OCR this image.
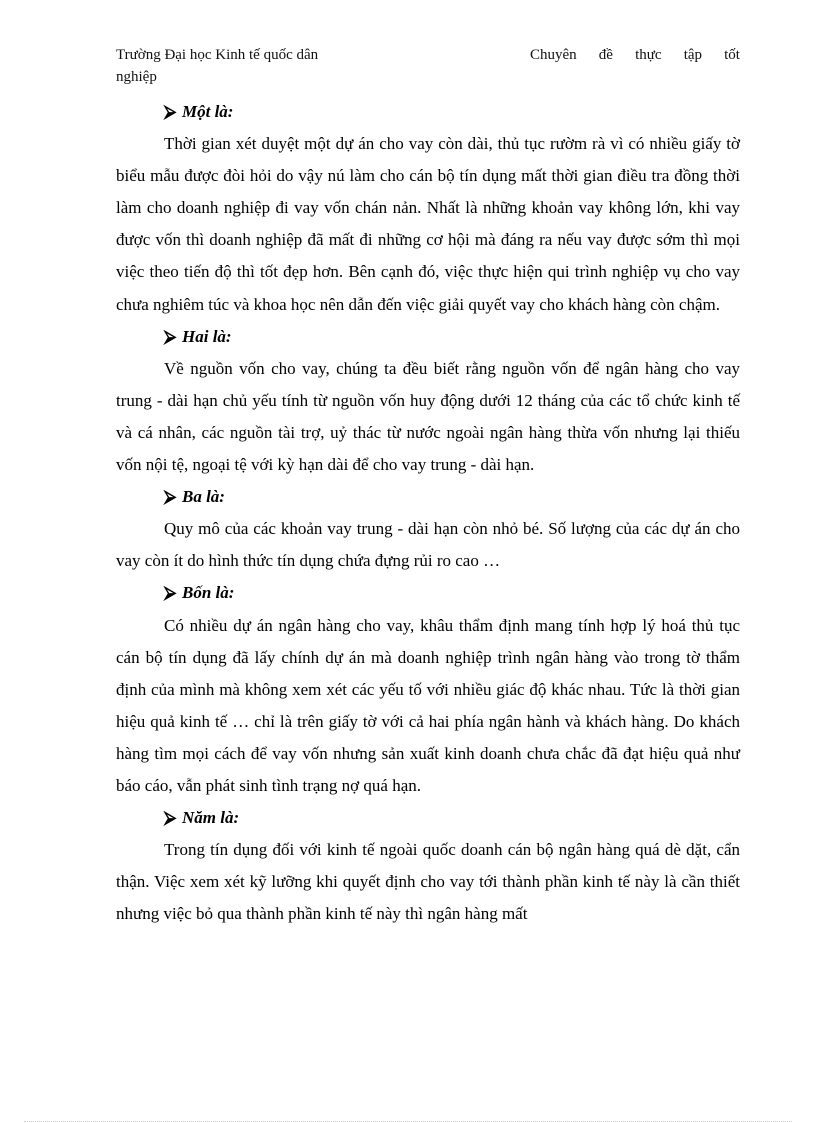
Trường Đại học Kinh tế quốc dân	Chuyên đề thực tập tốt
nghiệp

⮚ Một là:

Thời gian xét duyệt một dự án cho vay còn dài, thủ tục rườm rà vì có nhiều giấy tờ biểu mẫu được đòi hỏi do vậy nú làm cho cán bộ tín dụng mất thời gian điều tra đồng thời làm cho doanh nghiệp đi vay vốn chán nản. Nhất là những khoản vay không lớn, khi vay được vốn thì doanh nghiệp đã mất đi những cơ hội mà đáng ra nếu vay được sớm thì mọi việc theo tiến độ thì tốt đẹp hơn. Bên cạnh đó, việc thực hiện qui trình nghiệp vụ cho vay chưa nghiêm túc và khoa học nên dẫn đến việc giải quyết vay cho khách hàng còn chậm.

⮚ Hai là:

Về nguồn vốn cho vay, chúng ta đều biết rằng nguồn vốn để ngân hàng cho vay trung - dài hạn chủ yếu tính từ nguồn vốn huy động dưới 12 tháng của các tổ chức kinh tế và cá nhân, các nguồn tài trợ, uỷ thác từ nước ngoài ngân hàng thừa vốn nhưng lại thiếu vốn nội tệ, ngoại tệ với kỳ hạn dài để cho vay trung - dài hạn.

⮚ Ba là:

Quy mô của các khoản vay trung - dài hạn còn nhỏ bé. Số lượng của các dự án cho vay còn ít do hình thức tín dụng chứa đựng rủi ro cao …

⮚ Bốn là:

Có nhiều dự án ngân hàng cho vay, khâu thẩm định mang tính hợp lý hoá thủ tục cán bộ tín dụng đã lấy chính dự án mà doanh nghiệp trình ngân hàng vào trong tờ thẩm định của mình mà không xem xét các yếu tố với nhiều giác độ khác nhau. Tức là thời gian hiệu quả kinh tế … chỉ là trên giấy tờ với cả hai phía ngân hành và khách hàng. Do khách hàng tìm mọi cách để vay vốn nhưng sản xuất kinh doanh chưa chắc đã đạt hiệu quả như báo cáo, vẫn phát sinh tình trạng nợ quá hạn.

⮚ Năm là:

Trong tín dụng đối với kinh tế ngoài quốc doanh cán bộ ngân hàng quá dè dặt, cẩn thận. Việc xem xét kỹ lưỡng khi quyết định cho vay tới thành phần kinh tế này là cần thiết nhưng việc bỏ qua thành phần kinh tế này thì ngân hàng mất
